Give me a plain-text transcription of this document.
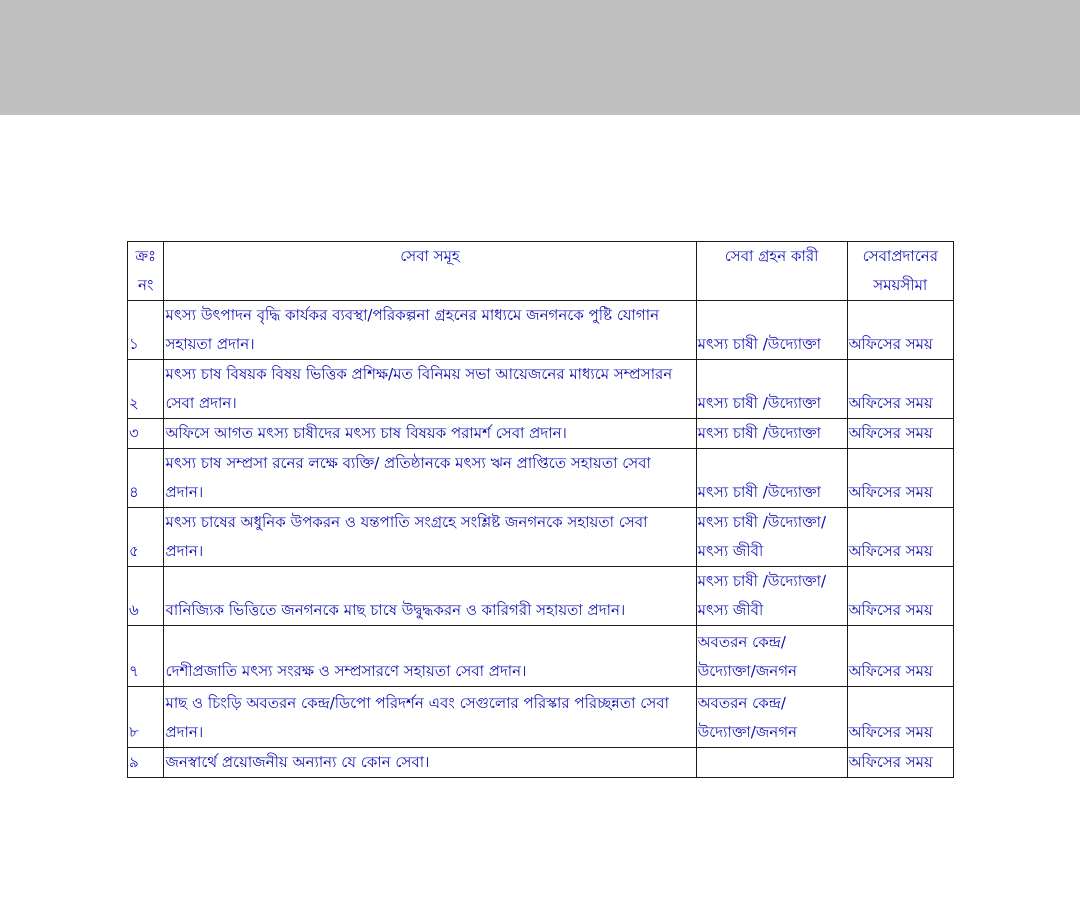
ক্রঃ
নং	সেবা সমূহ	সেবা গ্রহন কারী	সেবাপ্রদানের
সময়সীমা

১	মৎস্য উৎপাদন বৃদ্ধি কার্যকর ব্যবস্থা/পরিকল্পনা গ্রহনের মাধ্যমে জনগনকে পুষ্টি যোগান
সহায়তা প্রদান।	মৎস্য চাষী /উদ্যোক্তা	অফিসের সময়
২	মৎস্য চাষ বিষয়ক বিষয় ভিত্তিক প্রশিক্ষ/মত বিনিময় সভা আয়েজনের মাধ্যমে সম্প্রসারন
সেবা প্রদান।	মৎস্য চাষী /উদ্যোক্তা	অফিসের সময়
৩	অফিসে আগত মৎস্য চাষীদের মৎস্য চাষ বিষয়ক পরামর্শ সেবা প্রদান।	মৎস্য চাষী /উদ্যোক্তা	অফিসের সময়
৪	মৎস্য চাষ সম্প্রসা রনের লক্ষে ব্যক্তি/ প্রতিষ্ঠানকে মৎস্য ঋন প্রাপ্তিতে সহায়তা সেবা
প্রদান।	মৎস্য চাষী /উদ্যোক্তা	অফিসের সময়
৫	মৎস্য চাষের অধুনিক উপকরন ও যন্তপাতি সংগ্রহে সংশ্লিষ্ট জনগনকে সহায়তা সেবা
প্রদান।	মৎস্য চাষী /উদ্যোক্তা/
মৎস্য জীবী	অফিসের সময়
৬	বানিজ্যিক ভিত্তিতে জনগনকে মাছ চাষে উদ্বুদ্ধকরন ও কারিগরী সহায়তা প্রদান।	মৎস্য চাষী /উদ্যোক্তা/
মৎস্য জীবী	অফিসের সময়
৭	দেশীপ্রজাতি মৎস্য সংরক্ষ ও সম্প্রসারণে সহায়তা সেবা প্রদান।	অবতরন কেন্দ্র/
উদ্যোক্তা/জনগন	অফিসের সময়
৮	মাছ ও চিংড়ি অবতরন কেন্দ্র/ডিপো পরিদর্শন এবং সেগুলোর পরিস্কার পরিচ্ছন্নতা সেবা
প্রদান।	অবতরন কেন্দ্র/
উদ্যোক্তা/জনগন	অফিসের সময়
৯	জনস্বার্থে প্রয়োজনীয় অন্যান্য যে কোন সেবা।		অফিসের সময়
